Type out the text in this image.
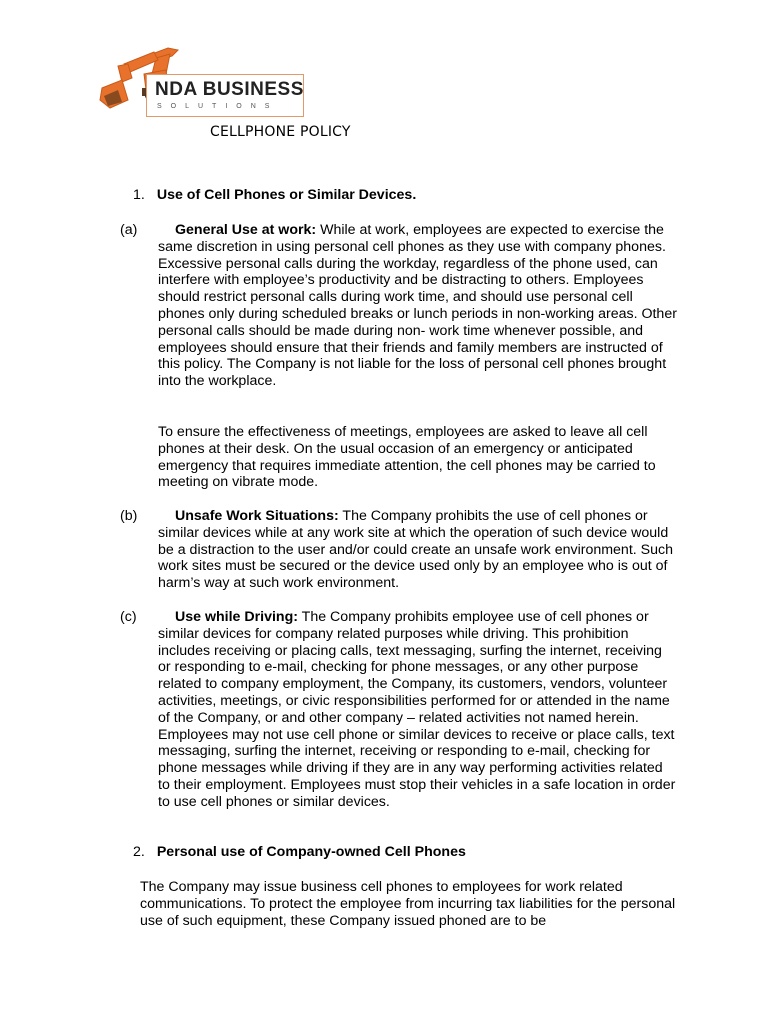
NDA BUSINESS
SOLUTIONS
CELLPHONE POLICY
1. Use of Cell Phones or Similar Devices.
(a)	General Use at work: While at work, employees are expected to exercise the same discretion in using personal cell phones as they use with company phones. Excessive personal calls during the workday, regardless of the phone used, can interfere with employee’s productivity and be distracting to others. Employees should restrict personal calls during work time, and should use personal cell phones only during scheduled breaks or lunch periods in non-working areas. Other personal calls should be made during non- work time whenever possible, and employees should ensure that their friends and family members are instructed of this policy. The Company is not liable for the loss of personal cell phones brought into the workplace.
To ensure the effectiveness of meetings, employees are asked to leave all cell phones at their desk. On the usual occasion of an emergency or anticipated emergency that requires immediate attention, the cell phones may be carried to meeting on vibrate mode.
(b)	Unsafe Work Situations: The Company prohibits the use of cell phones or similar devices while at any work site at which the operation of such device would be a distraction to the user and/or could create an unsafe work environment. Such work sites must be secured or the device used only by an employee who is out of harm’s way at such work environment.
(c)	Use while Driving: The Company prohibits employee use of cell phones or similar devices for company related purposes while driving. This prohibition includes receiving or placing calls, text messaging, surfing the internet, receiving or responding to e-mail, checking for phone messages, or any other purpose related to company employment, the Company, its customers, vendors, volunteer activities, meetings, or civic responsibilities performed for or attended in the name of the Company, or and other company – related activities not named herein. Employees may not use cell phone or similar devices to receive or place calls, text messaging, surfing the internet, receiving or responding to e-mail, checking for phone messages while driving if they are in any way performing activities related to their employment. Employees must stop their vehicles in a safe location in order to use cell phones or similar devices.
2. Personal use of Company-owned Cell Phones
The Company may issue business cell phones to employees for work related communications. To protect the employee from incurring tax liabilities for the personal use of such equipment, these Company issued phoned are to be
